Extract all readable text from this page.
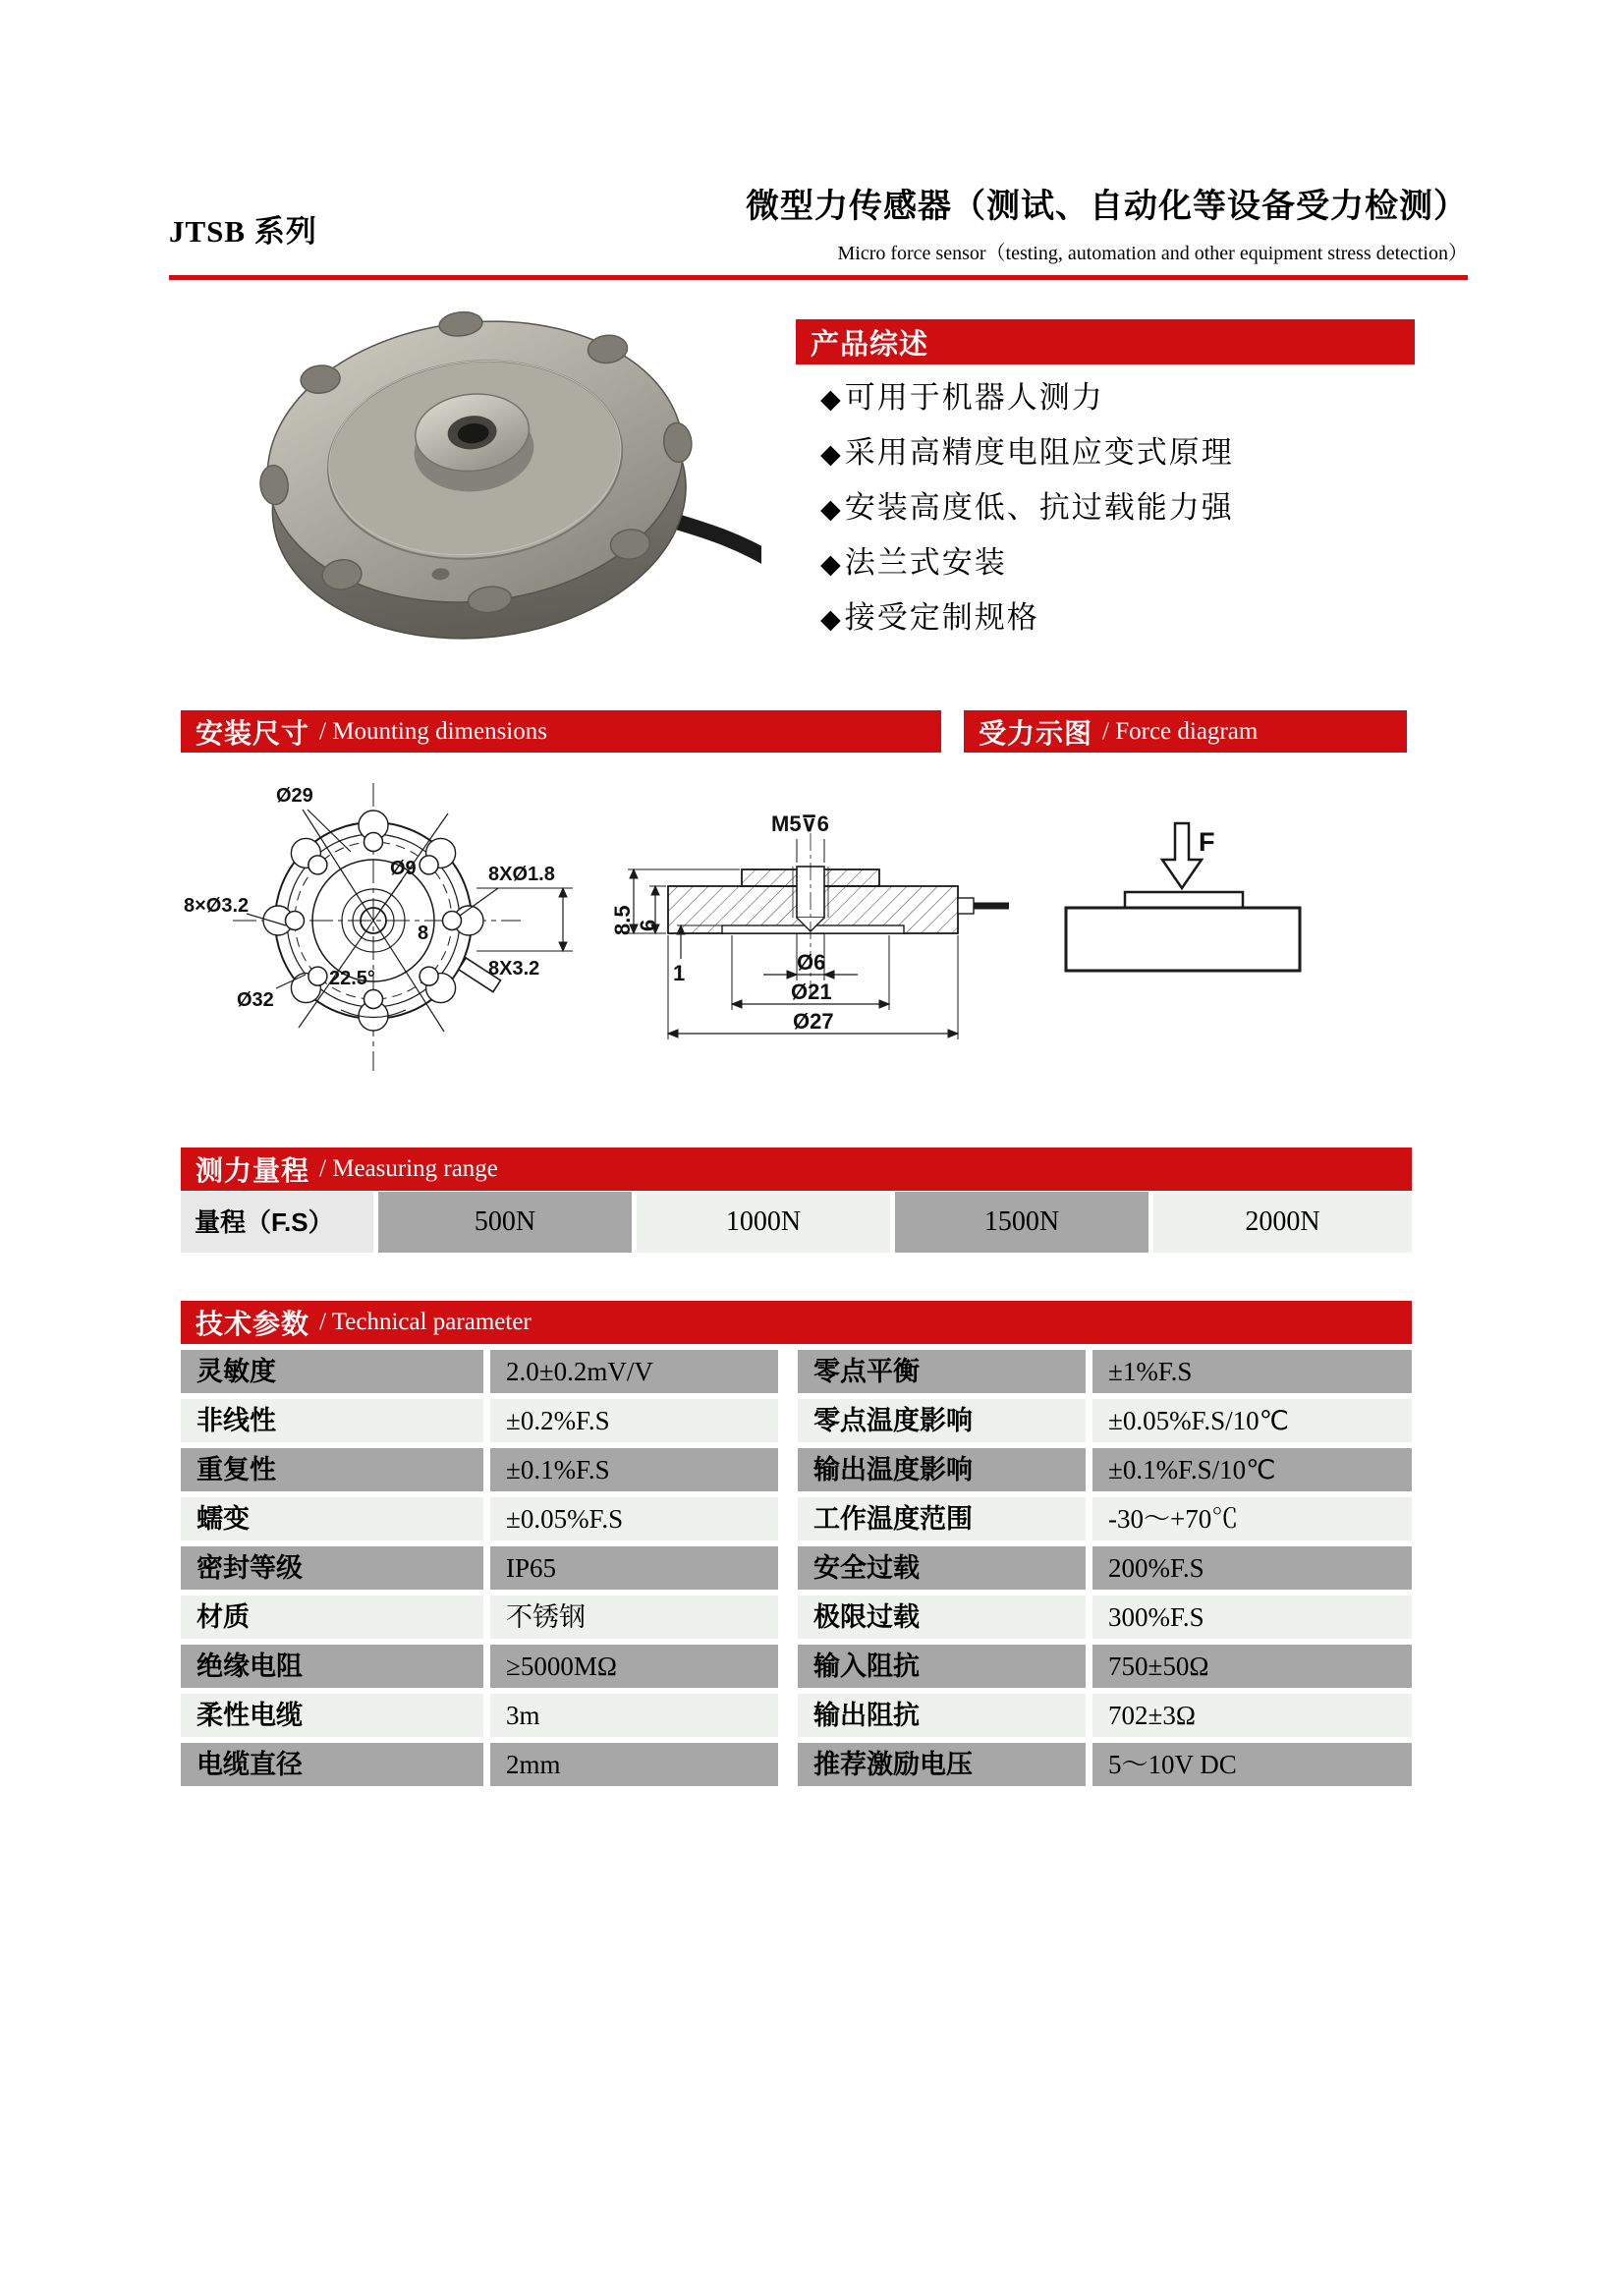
JTSB 系列
微型力传感器（测试、自动化等设备受力检测）
Micro force sensor（testing, automation and other equipment stress detection）
产品综述
◆可用于机器人测力
◆采用高精度电阻应变式原理
◆安装高度低、抗过载能力强
◆法兰式安装
◆接受定制规格
安装尺寸 / Mounting dimensions	受力示图 / Force diagram
Ø29
8×Ø3.2
Ø32
Ø9	8XØ1.8
8
8X3.2
22.5°
M5⊽6
8.5 6
1	Ø6
Ø21
Ø27
F
测力量程 / Measuring range
量程（F.S）	500N	1000N	1500N	2000N
技术参数 / Technical parameter
灵敏度	2.0±0.2mV/V	零点平衡	±1%F.S
非线性	±0.2%F.S	零点温度影响	±0.05%F.S/10℃
重复性	±0.1%F.S	输出温度影响	±0.1%F.S/10℃
蠕变	±0.05%F.S	工作温度范围	-30～+70℃
密封等级	IP65	安全过载	200%F.S
材质	不锈钢	极限过载	300%F.S
绝缘电阻	≥5000MΩ	输入阻抗	750±50Ω
柔性电缆	3m	输出阻抗	702±3Ω
电缆直径	2mm	推荐激励电压	5～10V DC
